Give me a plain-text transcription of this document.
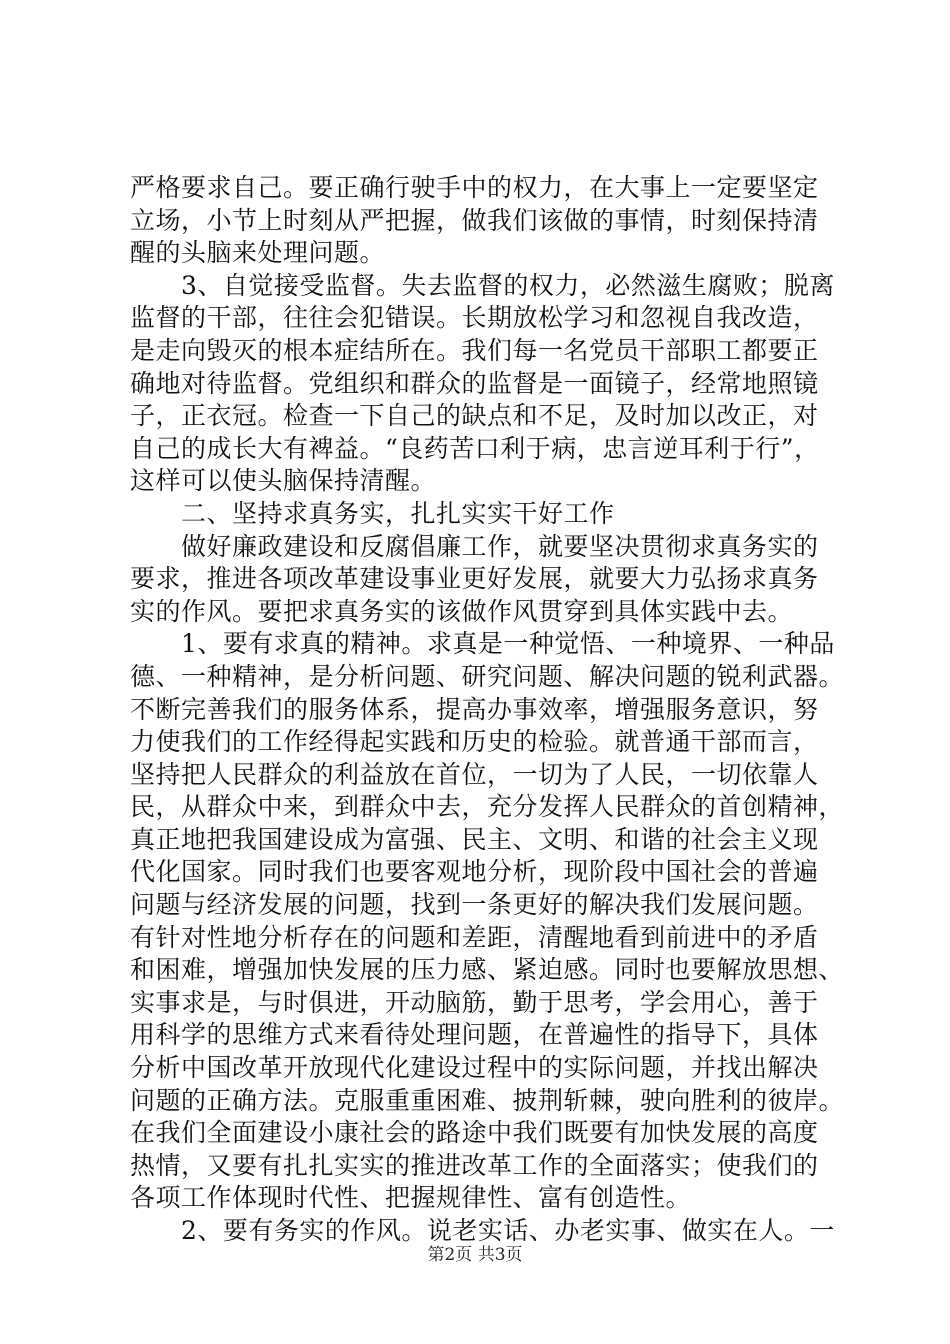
严格要求自己。要正确行驶手中的权力，在大事上一定要坚定
立场，小节上时刻从严把握，做我们该做的事情，时刻保持清
醒的头脑来处理问题。
　　3、自觉接受监督。失去监督的权力，必然滋生腐败；脱离
监督的干部，往往会犯错误。长期放松学习和忽视自我改造，
是走向毁灭的根本症结所在。我们每一名党员干部职工都要正
确地对待监督。党组织和群众的监督是一面镜子，经常地照镜
子，正衣冠。检查一下自己的缺点和不足，及时加以改正，对
自己的成长大有裨益。“良药苦口利于病，忠言逆耳利于行”，
这样可以使头脑保持清醒。
　　二、坚持求真务实，扎扎实实干好工作
　　做好廉政建设和反腐倡廉工作，就要坚决贯彻求真务实的
要求，推进各项改革建设事业更好发展，就要大力弘扬求真务
实的作风。要把求真务实的该做作风贯穿到具体实践中去。
　　1、要有求真的精神。求真是一种觉悟、一种境界、一种品
德、一种精神，是分析问题、研究问题、解决问题的锐利武器。
不断完善我们的服务体系，提高办事效率，增强服务意识，努
力使我们的工作经得起实践和历史的检验。就普通干部而言，
坚持把人民群众的利益放在首位，一切为了人民，一切依靠人
民，从群众中来，到群众中去，充分发挥人民群众的首创精神，
真正地把我国建设成为富强、民主、文明、和谐的社会主义现
代化国家。同时我们也要客观地分析，现阶段中国社会的普遍
问题与经济发展的问题，找到一条更好的解决我们发展问题。
有针对性地分析存在的问题和差距，清醒地看到前进中的矛盾
和困难，增强加快发展的压力感、紧迫感。同时也要解放思想、
实事求是，与时俱进，开动脑筋，勤于思考，学会用心，善于
用科学的思维方式来看待处理问题，在普遍性的指导下，具体
分析中国改革开放现代化建设过程中的实际问题，并找出解决
问题的正确方法。克服重重困难、披荆斩棘，驶向胜利的彼岸。
在我们全面建设小康社会的路途中我们既要有加快发展的高度
热情，又要有扎扎实实的推进改革工作的全面落实；使我们的
各项工作体现时代性、把握规律性、富有创造性。
　　2、要有务实的作风。说老实话、办老实事、做实在人。一
第2页 共3页
